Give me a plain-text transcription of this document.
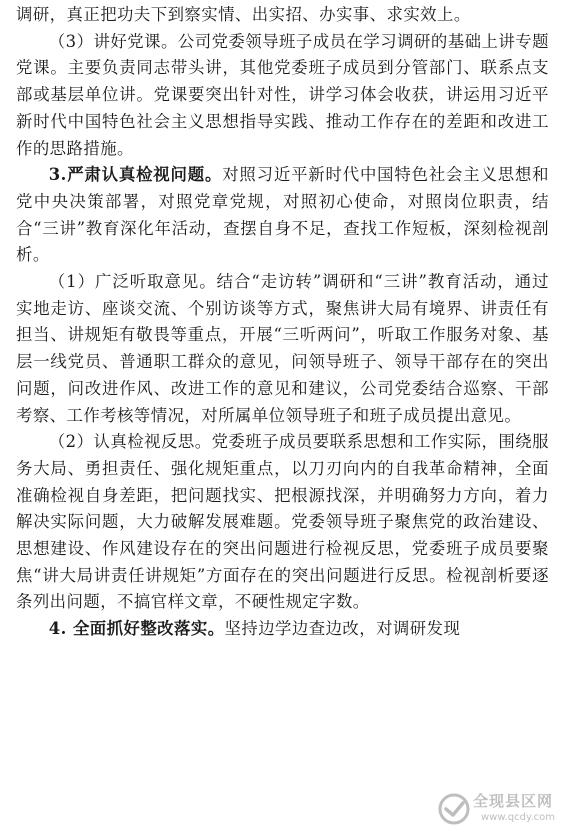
调研，真正把功夫下到察实情、出实招、办实事、求实效上。

（3）讲好党课。公司党委领导班子成员在学习调研的基础上讲专题党课。主要负责同志带头讲，其他党委班子成员到分管部门、联系点支部或基层单位讲。党课要突出针对性，讲学习体会收获，讲运用习近平新时代中国特色社会主义思想指导实践、推动工作存在的差距和改进工作的思路措施。

3.严肃认真检视问题。对照习近平新时代中国特色社会主义思想和党中央决策部署，对照党章党规，对照初心使命，对照岗位职责，结合“三讲”教育深化年活动，查摆自身不足，查找工作短板，深刻检视剖析。

（1）广泛听取意见。结合“走访转”调研和“三讲”教育活动，通过实地走访、座谈交流、个别访谈等方式，聚焦讲大局有境界、讲责任有担当、讲规矩有敬畏等重点，开展“三听两问”，听取工作服务对象、基层一线党员、普通职工群众的意见，问领导班子、领导干部存在的突出问题，问改进作风、改进工作的意见和建议，公司党委结合巡察、干部考察、工作考核等情况，对所属单位领导班子和班子成员提出意见。

（2）认真检视反思。党委班子成员要联系思想和工作实际，围绕服务大局、勇担责任、强化规矩重点，以刀刃向内的自我革命精神，全面准确检视自身差距，把问题找实、把根源找深，并明确努力方向，着力解决实际问题，大力破解发展难题。党委领导班子聚焦党的政治建设、思想建设、作风建设存在的突出问题进行检视反思，党委班子成员要聚焦“讲大局讲责任讲规矩”方面存在的突出问题进行反思。检视剖析要逐条列出问题，不搞官样文章，不硬性规定字数。

4. 全面抓好整改落实。坚持边学边查边改，对调研发现

全现县区网
www.qcdy.com
